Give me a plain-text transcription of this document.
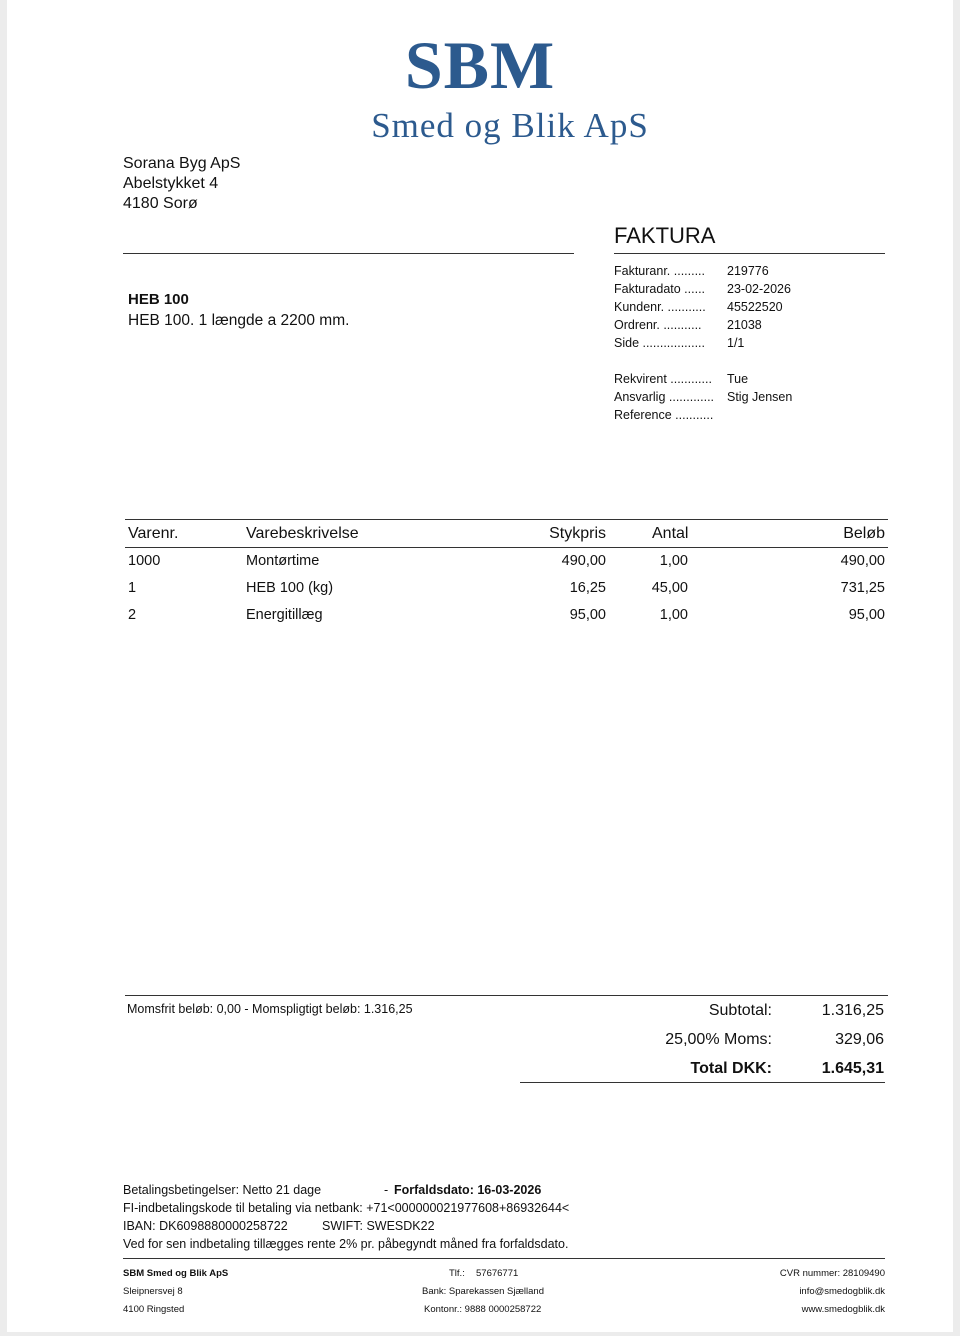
SBM
Smed og Blik ApS
Sorana Byg ApS
Abelstykket 4
4180 Sorø
FAKTURA
Fakturanr. ......... 219776
Fakturadato ...... 23-02-2026
Kundenr. ........... 45522520
Ordrenr. ........... 21038
Side .................. 1/1
Rekvirent ............ Tue
Ansvarlig ............. Stig Jensen
Reference ...........
HEB 100
HEB 100. 1 længde a 2200 mm.
Varenr.	Varebeskrivelse	Stykpris	Antal	Beløb
1000	Montørtime	490,00	1,00	490,00
1	HEB 100 (kg)	16,25	45,00	731,25
2	Energitillæg	95,00	1,00	95,00
Momsfrit beløb: 0,00 - Momspligtigt beløb: 1.316,25	Subtotal:	1.316,25
25,00% Moms:	329,06
Total DKK:	1.645,31
Betalingsbetingelser: Netto 21 dage	- Forfaldsdato: 16-03-2026
FI-indbetalingskode til betaling via netbank: +71<000000021977608+86932644<
IBAN: DK6098880000258722	SWIFT: SWESDK22
Ved for sen indbetaling tillægges rente 2% pr. påbegyndt måned fra forfaldsdato.
SBM Smed og Blik ApS
Sleipnersvej 8
4100 Ringsted
Tlf.: 57676771
Bank: Sparekassen Sjælland
Kontonr.: 9888 0000258722
CVR nummer: 28109490
info@smedogblik.dk
www.smedogblik.dk
